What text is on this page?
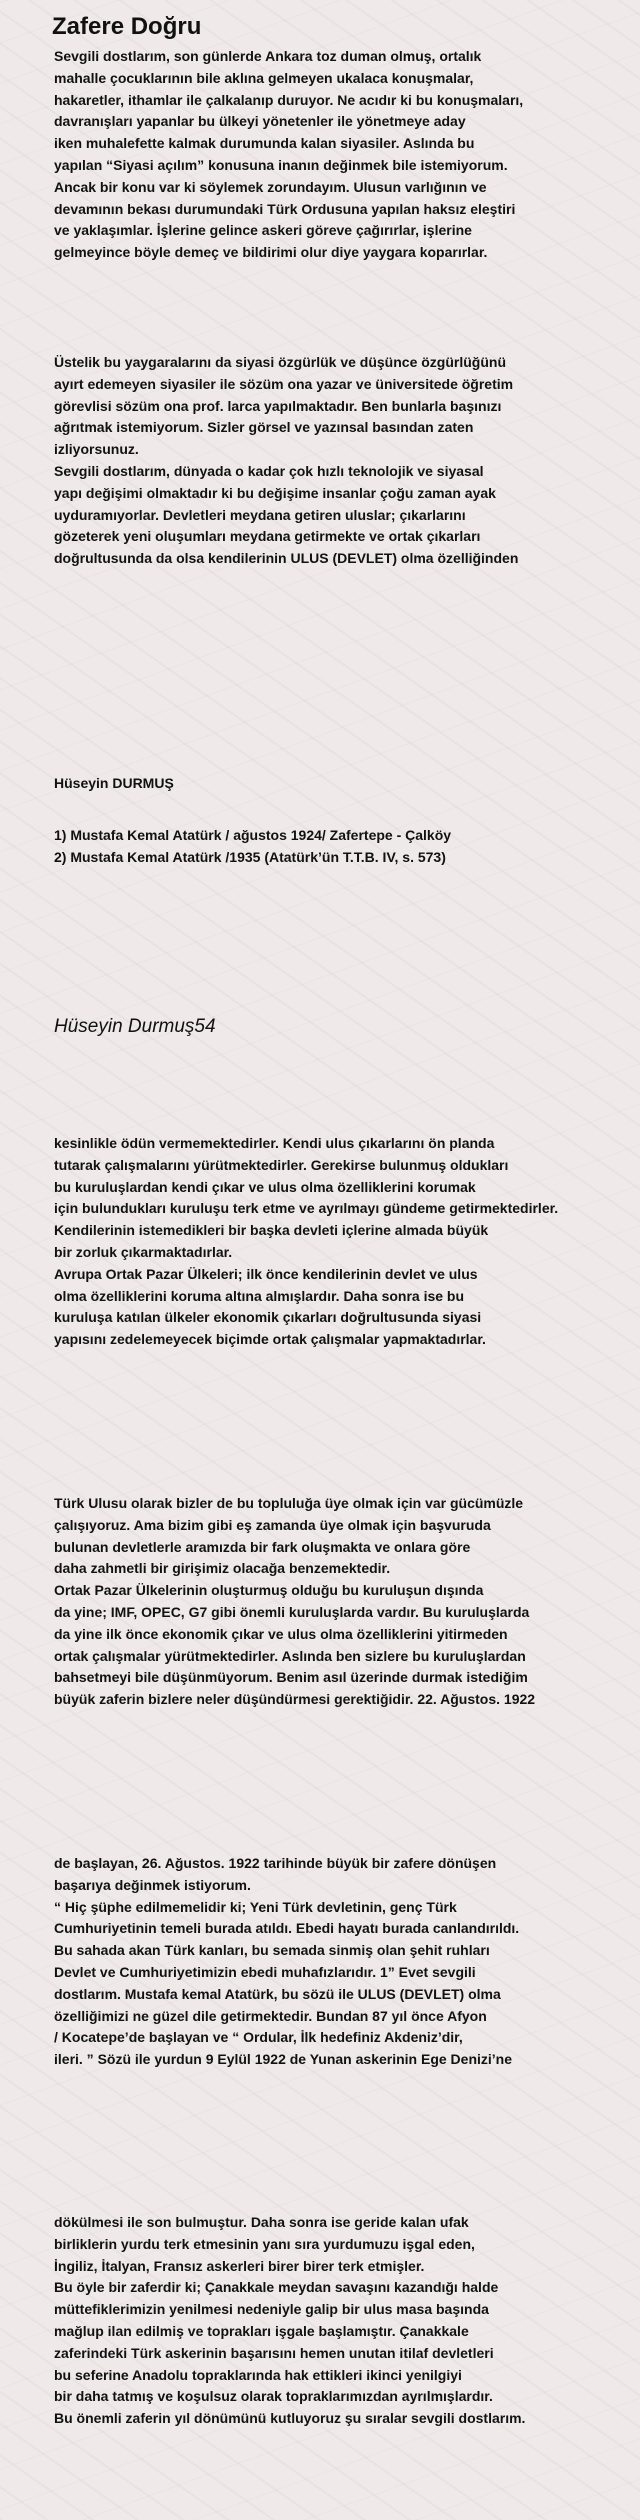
Zafere Doğru
Sevgili dostlarım, son günlerde Ankara toz duman olmuş, ortalık
mahalle çocuklarının bile aklına gelmeyen ukalaca konuşmalar,
hakaretler, ithamlar ile çalkalanıp duruyor. Ne acıdır ki bu konuşmaları,
davranışları yapanlar bu ülkeyi yönetenler ile yönetmeye aday
iken muhalefette kalmak durumunda kalan siyasiler. Aslında bu
yapılan “Siyasi açılım” konusuna inanın değinmek bile istemiyorum.
Ancak bir konu var ki söylemek zorundayım. Ulusun varlığının ve
devamının bekası durumundaki Türk Ordusuna yapılan haksız eleştiri
ve yaklaşımlar. İşlerine gelince askeri göreve çağırırlar, işlerine
gelmeyince böyle demeç ve bildirimi olur diye yaygara koparırlar.
Üstelik bu yaygaralarını da siyasi özgürlük ve düşünce özgürlüğünü
ayırt edemeyen siyasiler ile sözüm ona yazar ve üniversitede öğretim
görevlisi sözüm ona prof. larca yapılmaktadır. Ben bunlarla başınızı
ağrıtmak istemiyorum. Sizler görsel ve yazınsal basından zaten
izliyorsunuz.
Sevgili dostlarım, dünyada o kadar çok hızlı teknolojik ve siyasal
yapı değişimi olmaktadır ki bu değişime insanlar çoğu zaman ayak
uyduramıyorlar. Devletleri meydana getiren uluslar; çıkarlarını
gözeterek yeni oluşumları meydana getirmekte ve ortak çıkarları
doğrultusunda da olsa kendilerinin ULUS (DEVLET) olma özelliğinden
Hüseyin DURMUŞ
1) Mustafa Kemal Atatürk / ağustos 1924/ Zafertepe - Çalköy
2) Mustafa Kemal Atatürk /1935 (Atatürk’ün T.T.B. IV, s. 573)

Hüseyin Durmuş54

kesinlikle ödün vermemektedirler. Kendi ulus çıkarlarını ön planda
tutarak çalışmalarını yürütmektedirler. Gerekirse bulunmuş oldukları
bu kuruluşlardan kendi çıkar ve ulus olma özelliklerini korumak
için bulundukları kuruluşu terk etme ve ayrılmayı gündeme getirmektedirler.
Kendilerinin istemedikleri bir başka devleti içlerine almada büyük
bir zorluk çıkarmaktadırlar.
Avrupa Ortak Pazar Ülkeleri; ilk önce kendilerinin devlet ve ulus
olma özelliklerini koruma altına almışlardır. Daha sonra ise bu
kuruluşa katılan ülkeler ekonomik çıkarları doğrultusunda siyasi
yapısını zedelemeyecek biçimde ortak çalışmalar yapmaktadırlar.
Türk Ulusu olarak bizler de bu topluluğa üye olmak için var gücümüzle
çalışıyoruz. Ama bizim gibi eş zamanda üye olmak için başvuruda
bulunan devletlerle aramızda bir fark oluşmakta ve onlara göre
daha zahmetli bir girişimiz olacağa benzemektedir.
Ortak Pazar Ülkelerinin oluşturmuş olduğu bu kuruluşun dışında
da yine; IMF, OPEC, G7 gibi önemli kuruluşlarda vardır. Bu kuruluşlarda
da yine ilk önce ekonomik çıkar ve ulus olma özelliklerini yitirmeden
ortak çalışmalar yürütmektedirler. Aslında ben sizlere bu kuruluşlardan
bahsetmeyi bile düşünmüyorum. Benim asıl üzerinde durmak istediğim
büyük zaferin bizlere neler düşündürmesi gerektiğidir. 22. Ağustos. 1922
de başlayan, 26. Ağustos. 1922 tarihinde büyük bir zafere dönüşen
başarıya değinmek istiyorum.
“ Hiç şüphe edilmemelidir ki; Yeni Türk devletinin, genç Türk
Cumhuriyetinin temeli burada atıldı. Ebedi hayatı burada canlandırıldı.
Bu sahada akan Türk kanları, bu semada sinmiş olan şehit ruhları
Devlet ve Cumhuriyetimizin ebedi muhafızlarıdır. 1” Evet sevgili
dostlarım. Mustafa kemal Atatürk, bu sözü ile ULUS (DEVLET) olma
özelliğimizi ne güzel dile getirmektedir. Bundan 87 yıl önce Afyon
/ Kocatepe’de başlayan ve “ Ordular, İlk hedefiniz Akdeniz’dir,
ileri. ” Sözü ile yurdun 9 Eylül 1922 de Yunan askerinin Ege Denizi’ne
dökülmesi ile son bulmuştur. Daha sonra ise geride kalan ufak
birliklerin yurdu terk etmesinin yanı sıra yurdumuzu işgal eden,
İngiliz, İtalyan, Fransız askerleri birer birer terk etmişler.
Bu öyle bir zaferdir ki; Çanakkale meydan savaşını kazandığı halde
müttefiklerimizin yenilmesi nedeniyle galip bir ulus masa başında
mağlup ilan edilmiş ve toprakları işgale başlamıştır. Çanakkale
zaferindeki Türk askerinin başarısını hemen unutan itilaf devletleri
bu seferine Anadolu topraklarında hak ettikleri ikinci yenilgiyi
bir daha tatmış ve koşulsuz olarak topraklarımızdan ayrılmışlardır.
Bu önemli zaferin yıl dönümünü kutluyoruz şu sıralar sevgili dostlarım.
